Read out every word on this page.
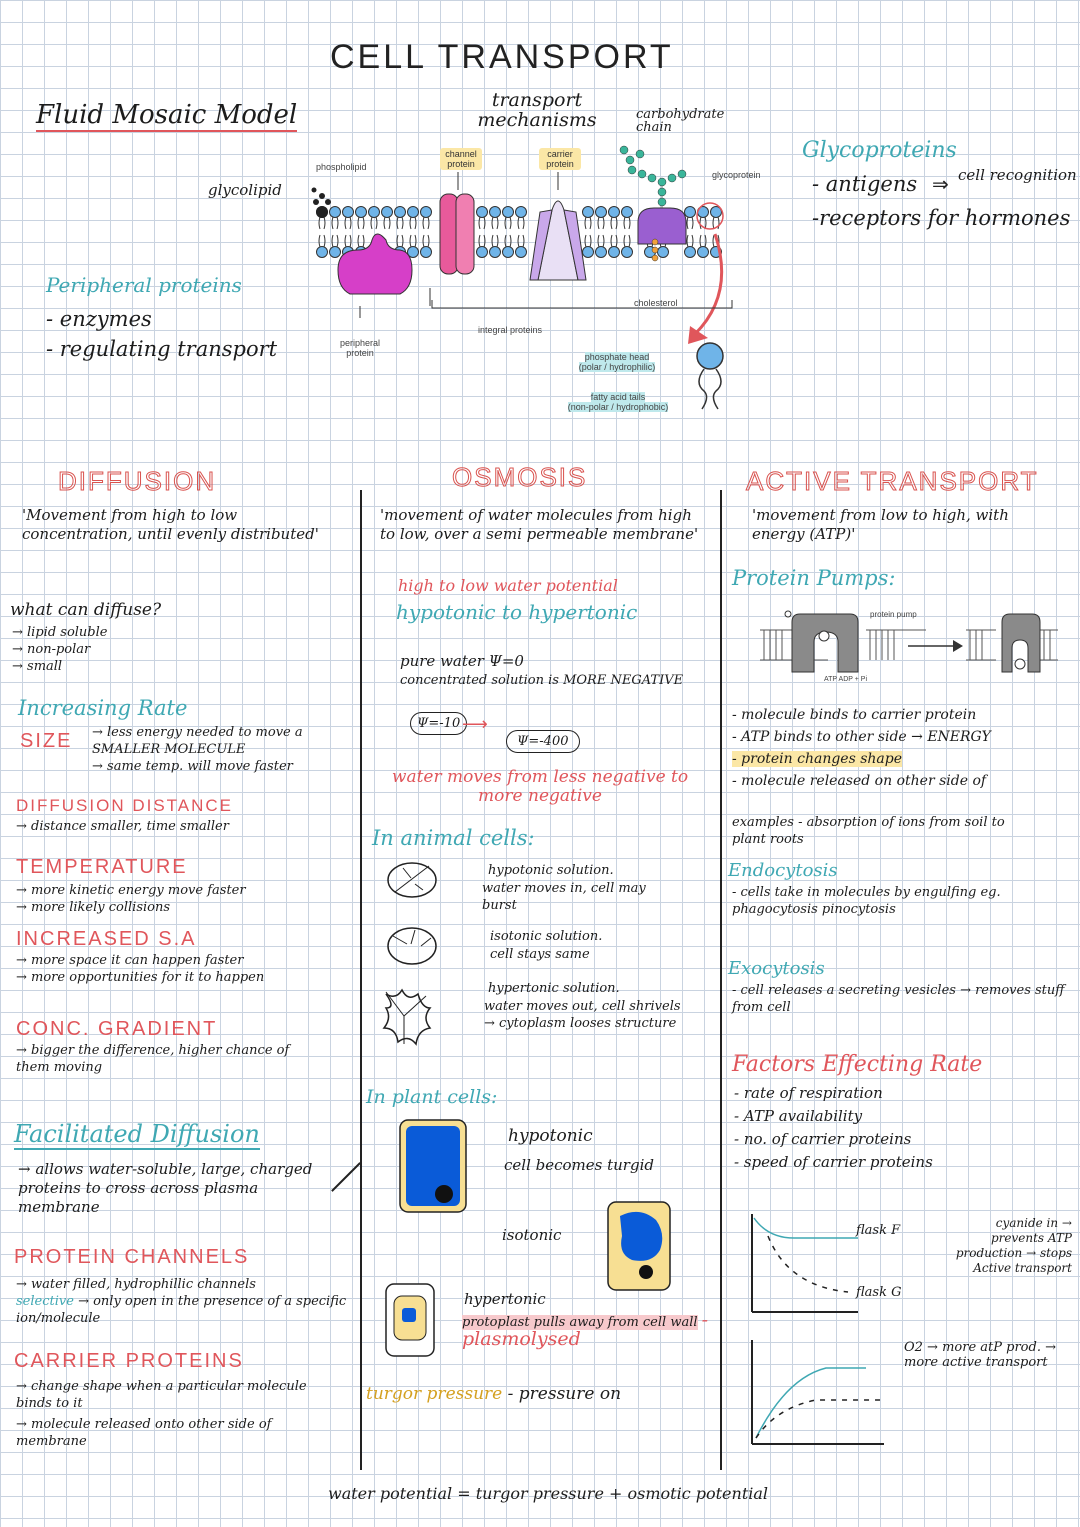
CELL TRANSPORT
Fluid Mosaic Model
glycolipid
Peripheral proteins
- enzymes
- regulating transport
transport mechanisms	carbohydrate chain
Glycoproteins
- antigens	cell recognition
⇒
-receptors for hormones
channel protein
carrier protein
phospholipid
glycoprotein
cholesterol
integral proteins
peripheral protein	phosphate head
(polar / hydrophilic)
fatty acid tails
(non-polar / hydrophobic)
DIFFUSION
'Movement from high to low concentration, until evenly distributed'
what can diffuse?
→ lipid soluble
→ non-polar
→ small
Increasing Rate
SIZE → less energy needed to move a SMALLER MOLECULE
→ same temp. will move faster
DIFFUSION DISTANCE
→ distance smaller, time smaller
TEMPERATURE
→ more kinetic energy move faster
→ more likely collisions
INCREASED S.A
→ more space it can happen faster
→ more opportunities for it to happen
CONC. GRADIENT
→ bigger the difference, higher chance of them moving
Facilitated Diffusion
→ allows water-soluble, large, charged proteins to cross across plasma membrane
PROTEIN CHANNELS
→ water filled, hydrophillic channels
selective → only open in the presence of a specific ion/molecule
CARRIER PROTEINS
→ change shape when a particular molecule binds to it
→ molecule released onto other side of membrane
OSMOSIS
'movement of water molecules from high to low, over a semi permeable membrane'
high to low water potential
hypotonic to hypertonic
pure water Ψ=0
concentrated solution is MORE NEGATIVE
Ψ=-10 ⟶
Ψ=-400
water moves from less negative to more negative
In animal cells:
hypotonic solution.
water moves in, cell may burst
isotonic solution.
cell stays same
hypertonic solution.
water moves out, cell shrivels → cytoplasm looses structure
In plant cells:
hypotonic
cell becomes turgid
isotonic
hypertonic
protoplast pulls away from cell wall - plasmolysed
turgor pressure - pressure on
ACTIVE TRANSPORT
'movement from low to high, with energy (ATP)'
Protein Pumps:
protein pump
ATP ADP + Pi
- molecule binds to carrier protein
- ATP binds to other side → ENERGY
- protein changes shape
- molecule released on other side of
examples - absorption of ions from soil to plant roots
Endocytosis
- cells take in molecules by engulfing eg. phagocytosis pinocytosis
Exocytosis
- cell releases a secreting vesicles → removes stuff from cell
Factors Effecting Rate
- rate of respiration
- ATP availability
- no. of carrier proteins
- speed of carrier proteins
flask F
flask G
cyanide in → prevents ATP production → stops Active transport
O2 → more atP prod. → more active transport
water potential = turgor pressure + osmotic potential
